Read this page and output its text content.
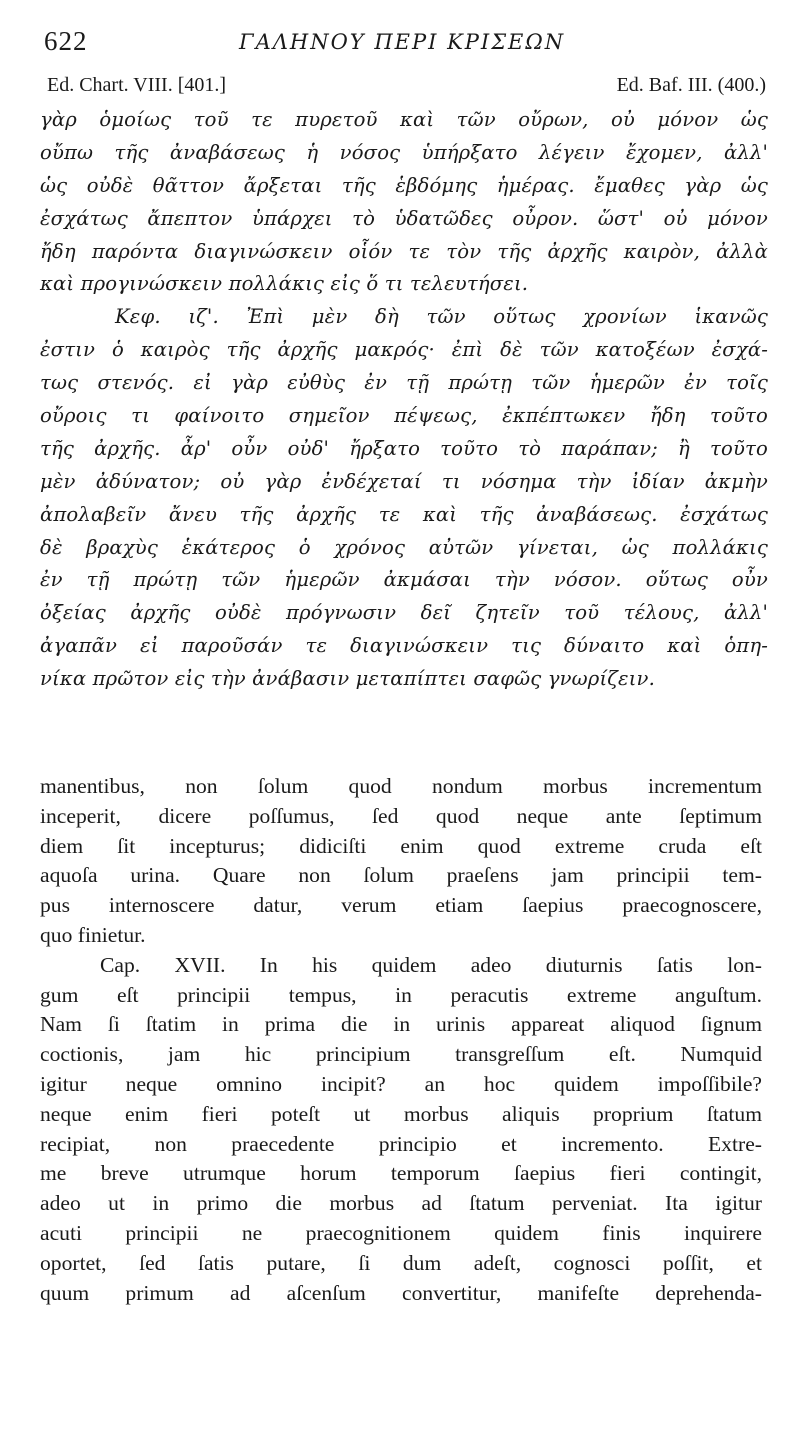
622	ΓΑΛΗΝΟΥ ΠΕΡΙ ΚΡΙΣΕΩΝ
Ed. Chart. VIII. [401.]	Ed. Baf. III. (400.)
γὰρ ὁμοίως τοῦ τε πυρετοῦ καὶ τῶν οὔρων, οὐ μόνον ὡς
οὔπω τῆς ἀναβάσεως ἡ νόσος ὑπήρξατο λέγειν ἔχομεν, ἀλλ'
ὡς οὐδὲ θᾶττον ἄρξεται τῆς ἑβδόμης ἡμέρας. ἔμαθες γὰρ ὡς
ἐσχάτως ἄπεπτον ὑπάρχει τὸ ὑδατῶδες οὖρον. ὥστ' οὐ μόνον
ἤδη παρόντα διαγινώσκειν οἷόν τε τὸν τῆς ἀρχῆς καιρὸν, ἀλλὰ
καὶ προγινώσκειν πολλάκις εἰς ὅ τι τελευτήσει.
Κεφ. ιζ'. Ἐπὶ μὲν δὴ τῶν οὕτως χρονίων ἱκανῶς
ἐστιν ὁ καιρὸς τῆς ἀρχῆς μακρός· ἐπὶ δὲ τῶν κατοξέων ἐσχά-
τως στενός. εἰ γὰρ εὐθὺς ἐν τῇ πρώτῃ τῶν ἡμερῶν ἐν τοῖς
οὔροις τι φαίνοιτο σημεῖον πέψεως, ἐκπέπτωκεν ἤδη τοῦτο
τῆς ἀρχῆς. ἆρ' οὖν οὐδ' ἤρξατο τοῦτο τὸ παράπαν; ἢ τοῦτο
μὲν ἀδύνατον; οὐ γὰρ ἐνδέχεταί τι νόσημα τὴν ἰδίαν ἀκμὴν
ἀπολαβεῖν ἄνευ τῆς ἀρχῆς τε καὶ τῆς ἀναβάσεως. ἐσχάτως
δὲ βραχὺς ἑκάτερος ὁ χρόνος αὐτῶν γίνεται, ὡς πολλάκις
ἐν τῇ πρώτῃ τῶν ἡμερῶν ἀκμάσαι τὴν νόσον. οὕτως οὖν
ὀξείας ἀρχῆς οὐδὲ πρόγνωσιν δεῖ ζητεῖν τοῦ τέλους, ἀλλ'
ἀγαπᾶν εἰ παροῦσάν τε διαγινώσκειν τις δύναιτο καὶ ὁπη-
νίκα πρῶτον εἰς τὴν ἀνάβασιν μεταπίπτει σαφῶς γνωρίζειν.
manentibus, non ſolum quod nondum morbus incrementum
inceperit, dicere poſſumus, ſed quod neque ante ſeptimum
diem ſit incepturus; didiciſti enim quod extreme cruda eſt
aquoſa urina. Quare non ſolum praeſens jam principii tem-
pus internoscere datur, verum etiam ſaepius praecognoscere,
quo finietur.
Cap. XVII. In his quidem adeo diuturnis ſatis lon-
gum eſt principii tempus, in peracutis extreme anguſtum.
Nam ſi ſtatim in prima die in urinis appareat aliquod ſignum
coctionis, jam hic principium transgreſſum eſt. Numquid
igitur neque omnino incipit? an hoc quidem impoſſibile?
neque enim fieri poteſt ut morbus aliquis proprium ſtatum
recipiat, non praecedente principio et incremento. Extre-
me breve utrumque horum temporum ſaepius fieri contingit,
adeo ut in primo die morbus ad ſtatum perveniat. Ita igitur
acuti principii ne praecognitionem quidem finis inquirere
oportet, ſed ſatis putare, ſi dum adeſt, cognosci poſſit, et
quum primum ad aſcenſum convertitur, manifeſte deprehenda-
